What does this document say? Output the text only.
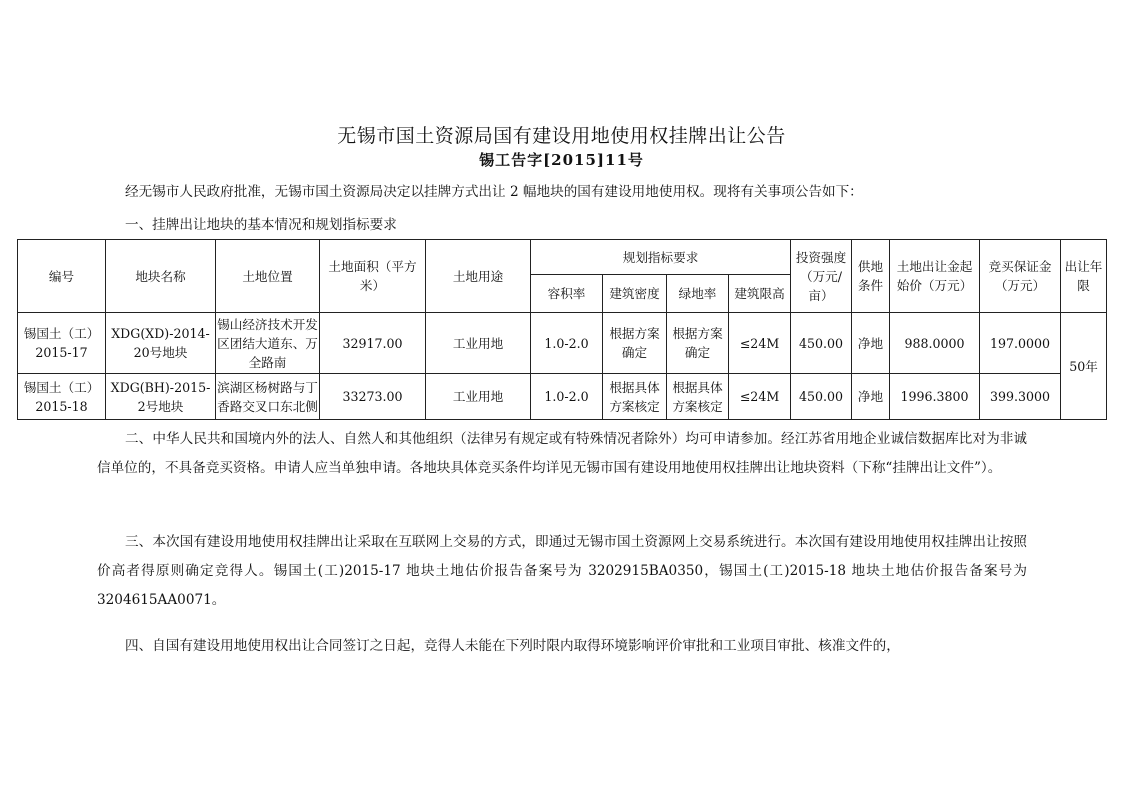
无锡市国土资源局国有建设用地使用权挂牌出让公告
锡工告字[2015]11号
经无锡市人民政府批准，无锡市国土资源局决定以挂牌方式出让 2 幅地块的国有建设用地使用权。现将有关事项公告如下：
一、挂牌出让地块的基本情况和规划指标要求
编号	地块名称	土地位置	土地面积（平方米）	土地用途	规划指标要求				投资强度（万元/亩）	供地条件	土地出让金起始价（万元）	竞买保证金（万元）	出让年限
					容积率	建筑密度	绿地率	建筑限高					
锡国土（工）2015-17	XDG(XD)-2014-20号地块	锡山经济技术开发区团结大道东、万全路南	32917.00	工业用地	1.0-2.0	根据方案确定	根据方案确定	≤24M	450.00	净地	988.0000	197.0000	50年
锡国土（工）2015-18	XDG(BH)-2015-2号地块	滨湖区杨树路与丁香路交叉口东北侧	33273.00	工业用地	1.0-2.0	根据具体方案核定	根据具体方案核定	≤24M	450.00	净地	1996.3800	399.3000	
二、中华人民共和国境内外的法人、自然人和其他组织（法律另有规定或有特殊情况者除外）均可申请参加。经江苏省用地企业诚信数据库比对为非诚信单位的，不具备竞买资格。申请人应当单独申请。各地块具体竞买条件均详见无锡市国有建设用地使用权挂牌出让地块资料（下称“挂牌出让文件”）。
三、本次国有建设用地使用权挂牌出让采取在互联网上交易的方式，即通过无锡市国土资源网上交易系统进行。本次国有建设用地使用权挂牌出让按照价高者得原则确定竞得人。锡国土(工)2015-17 地块土地估价报告备案号为 3202915BA0350，锡国土(工)2015-18 地块土地估价报告备案号为 3204615AA0071。
四、自国有建设用地使用权出让合同签订之日起，竞得人未能在下列时限内取得环境影响评价审批和工业项目审批、核准文件的，
